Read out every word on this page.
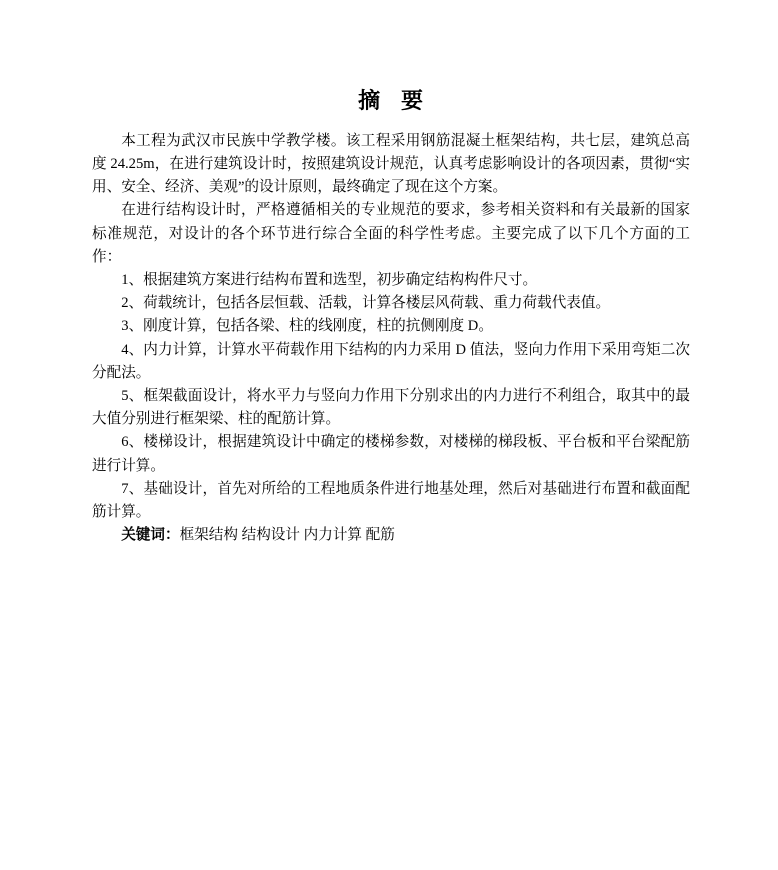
摘 要

本工程为武汉市民族中学教学楼。该工程采用钢筋混凝土框架结构，共七层，建筑总高度 24.25m，在进行建筑设计时，按照建筑设计规范，认真考虑影响设计的各项因素，贯彻“实用、安全、经济、美观”的设计原则，最终确定了现在这个方案。

在进行结构设计时，严格遵循相关的专业规范的要求，参考相关资料和有关最新的国家标准规范，对设计的各个环节进行综合全面的科学性考虑。主要完成了以下几个方面的工作：

1、根据建筑方案进行结构布置和选型，初步确定结构构件尺寸。

2、荷载统计，包括各层恒载、活载，计算各楼层风荷载、重力荷载代表值。

3、刚度计算，包括各梁、柱的线刚度，柱的抗侧刚度 D。

4、内力计算，计算水平荷载作用下结构的内力采用 D 值法，竖向力作用下采用弯矩二次分配法。

5、框架截面设计，将水平力与竖向力作用下分别求出的内力进行不利组合，取其中的最大值分别进行框架梁、柱的配筋计算。

6、楼梯设计，根据建筑设计中确定的楼梯参数，对楼梯的梯段板、平台板和平台梁配筋进行计算。

7、基础设计，首先对所给的工程地质条件进行地基处理，然后对基础进行布置和截面配筋计算。

关键词：框架结构 结构设计 内力计算 配筋
